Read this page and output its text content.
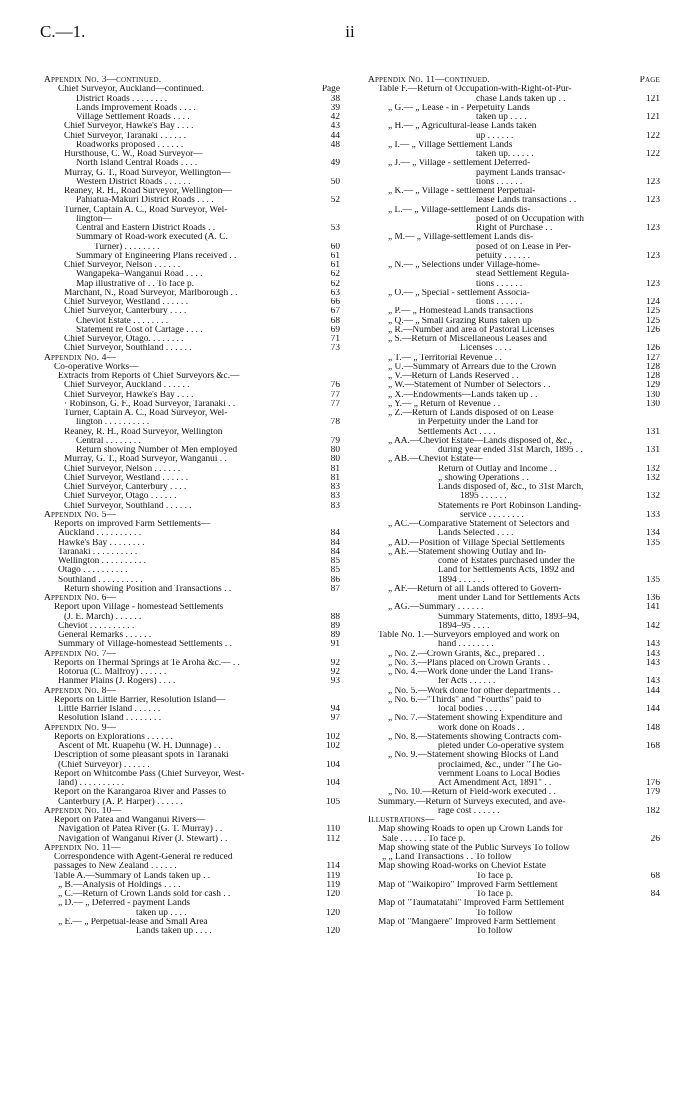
C.—1.	ii
Appendix No. 3—continued.
Chief Surveyor, Auckland—continued.	Page
District Roads . . . . . . . .	38
Lands Improvement Roads . . . .	39
Village Settlement Roads . . . .	42
Chief Surveyor, Hawke's Bay . . . .	43
Chief Surveyor, Taranaki . . . . . .	44
Roadworks proposed . . . . . .	48
Hursthouse, C. W., Road Surveyor—
North Island Central Roads . . . .	49
Murray, G. T., Road Surveyor, Wellington—
Western District Roads . . . . . .	50
Reaney, R. H., Road Surveyor, Wellington—
Pahiatua-Makuri District Roads . . . .	52
Turner, Captain A. C., Road Surveyor, Wel-
lington—
Central and Eastern District Roads . .	53
Summary of Road-work executed (A. C.
Turner) . . . . . . . .	60
Summary of Engineering Plans received . .	61
Chief Surveyor, Nelson . . . . . .	61
Wangapeka–Wanganui Road . . . .	62
Map illustrative of . . To face p.	62
Marchant, N., Road Surveyor, Marlborough . .	63
Chief Surveyor, Westland . . . . . .	66
Chief Surveyor, Canterbury . . . .	67
Cheviot Estate . . . . . . . .	68
Statement re Cost of Cartage . . . .	69
Chief Surveyor, Otago. . . . . . . .	71
Chief Surveyor, Southland . . . . . .	73
Appendix No. 4—
Co-operative Works—
Extracts from Reports of Chief Surveyors &c.—
Chief Surveyor, Auckland . . . . . .	76
Chief Surveyor, Hawke's Bay . . . .	77
· Robinson, G. F., Road Surveyor, Taranaki . .	77
Turner, Captain A. C., Road Surveyor, Wel-
lington . . . . . . . . . .	78
Reaney, R. H., Road Surveyor, Wellington
Central . . . . . . . .	79
Return showing Number of Men employed	80
Murray, G. T., Road Surveyor, Wanganui . .	80
Chief Surveyor, Nelson . . . . . .	81
Chief Surveyor, Westland . . . . . .	81
Chief Surveyor, Canterbury . . . .	83
Chief Surveyor, Otago . . . . . .	83
Chief Surveyor, Southland . . . . . .	83
Appendix No. 5—
Reports on improved Farm Settlements—
Auckland . . . . . . . . . .	84
Hawke's Bay . . . . . . . .	84
Taranaki . . . . . . . . . .	84
Wellington . . . . . . . . . .	85
Otago . . . . . . . . . .	85
Southland . . . . . . . . . .	86
Return showing Position and Transactions . .	87
Appendix No. 6—
Report upon Village - homestead Settlements
(J. E. March) . . . . . .	88
Cheviot . . . . . . . . . .	89
General Remarks . . . . . .	89
Summary of Village-homestead Settlements . .	91
Appendix No. 7—
Reports on Thermal Springs at Te Aroha &c.— . .	92
Rotorua (C. Malfroy) . . . . . .	92
Hanmer Plains (J. Rogers) . . . .	93
Appendix No. 8—
Reports on Little Barrier, Resolution Island—
Little Barrier Island . . . . . .	94
Resolution Island . . . . . . . .	97
Appendix No. 9—
Reports on Explorations . . . . . .	102
Ascent of Mt. Ruapehu (W. H. Dunnage) . .	102
Description of some pleasant spots in Taranaki
(Chief Surveyor) . . . . . .	104
Report on Whitcombe Pass (Chief Surveyor, West-
land) . . . . . . . . . .	104
Report on the Karangaroa River and Passes to
Canterbury (A. P. Harper) . . . . . .	105
Appendix No. 10—
Report on Patea and Wanganui Rivers—
Navigation of Patea River (G. T. Murray) . .	110
Navigation of Wanganui River (J. Stewart) . .	112
Appendix No. 11—
Correspondence with Agent-General re reduced
passages to New Zealand . . . . . .	114
Table A.—Summary of Lands taken up . .	119
„ B.—Analysis of Holdings . . . .	119
„ C.—Return of Crown Lands sold for cash . .	120
„ D.— „ Deferred - payment Lands
taken up . . . .	120
„ E.— „ Perpetual-lease and Small Area
Lands taken up . . . .	120
Appendix No. 11—continued.	Page
Table F.—Return of Occupation-with-Right-of-Pur-
chase Lands taken up . .	121
„ G.— „ Lease - in - Perpetuity Lands
taken up . . . .	121
„ H.— „ Agricultural-lease Lands taken
up . . . . . .	122
„ I.— „ Village Settlement Lands
taken up. . . . . .	122
„ J.— „ Village - settlement Deferred-
payment Lands transac-
tions . . . . . .	123
„ K.— „ Village - settlement Perpetual-
lease Lands transactions . .	123
„ L.— „ Village-settlement Lands dis-
posed of on Occupation with
Right of Purchase . .	123
„ M.— „ Village-settlement Lands dis-
posed of on Lease in Per-
petuity . . . . . .	123
„ N.— „ Selections under Village-home-
stead Settlement Regula-
tions . . . . . .	123
„ O.— „ Special - settlement Associa-
tions . . . . . .	124
„ P.— „ Homestead Lands transactions	125
„ Q.— „ Small Grazing Runs taken up	125
„ R.—Number and area of Pastoral Licenses	126
„ S.—Return of Miscellaneous Leases and
Licenses . . . .	126
„ T.— „ Territorial Revenue . .	127
„ U.—Summary of Arrears due to the Crown	128
„ V.—Return of Lands Reserved . .	128
„ W.—Statement of Number of Selectors . .	129
„ X.—Endowments—Lands taken up . .	130
„ Y.— „ Return of Revenue . .	130
„ Z.—Return of Lands disposed of on Lease
in Perpetuity under the Land for
Settlements Act . . . .	131
„ AA.—Cheviot Estate—Lands disposed of, &c.,
during year ended 31st March, 1895 . .	131
„ AB.—Cheviot Estate—
Return of Outlay and Income . .	132
„ showing Operations . .	132
Lands disposed of, &c., to 31st March,
1895 . . . . . .	132
Statements re Port Robinson Landing-
service . . . . . . . .	133
„ AC.—Comparative Statement of Selectors and
Lands Selected . . . .	134
„ AD.—Position of Village Special Settlements	135
„ AE.—Statement showing Outlay and In-
come of Estates purchased under the
Land for Settlements Acts, 1892 and
1894 . . . . . .	135
„ AF.—Return of all Lands offered to Govern-
ment under Land for Settlements Acts	136
„ AG.—Summary . . . . . .	141
Summary Statements, ditto, 1893–94,
1894–95 . . . .	142
Table No. 1.—Surveyors employed and work on
hand . . . . . . . .	143
„ No. 2.—Crown Grants, &c., prepared . .	143
„ No. 3.—Plans placed on Crown Grants . .	143
„ No. 4.—Work done under the Land Trans-
fer Acts . . . . . .	143
„ No. 5.—Work done for other departments . .	144
„ No. 6.—"Thirds" and "Fourths" paid to
local bodies . . . .	144
„ No. 7.—Statement showing Expenditure and
work done on Roads . .	148
„ No. 8.—Statements showing Contracts com-
pleted under Co-operative system	168
„ No. 9.—Statement showing Blocks of Land
proclaimed, &c., under "The Go-
vernment Loans to Local Bodies
Act Amendment Act, 1891" . .	176
„ No. 10.—Return of Field-work executed . .	179
Summary.—Return of Surveys executed, and ave-
rage cost . . . . . .	182
Illustrations—
Map showing Roads to open up Crown Lands for
Sale . . . . . . To face p.	26
Map showing state of the Public Surveys To follow
„ „ Land Transactions . . To follow
Map showing Road-works on Cheviot Estate
To face p.	68
Map of "Waikopiro" Improved Farm Settlement
To face p.	84
Map of "Taumatatahi" Improved Farm Settlement
To follow
Map of "Mangaere" Improved Farm Settlement
To follow
